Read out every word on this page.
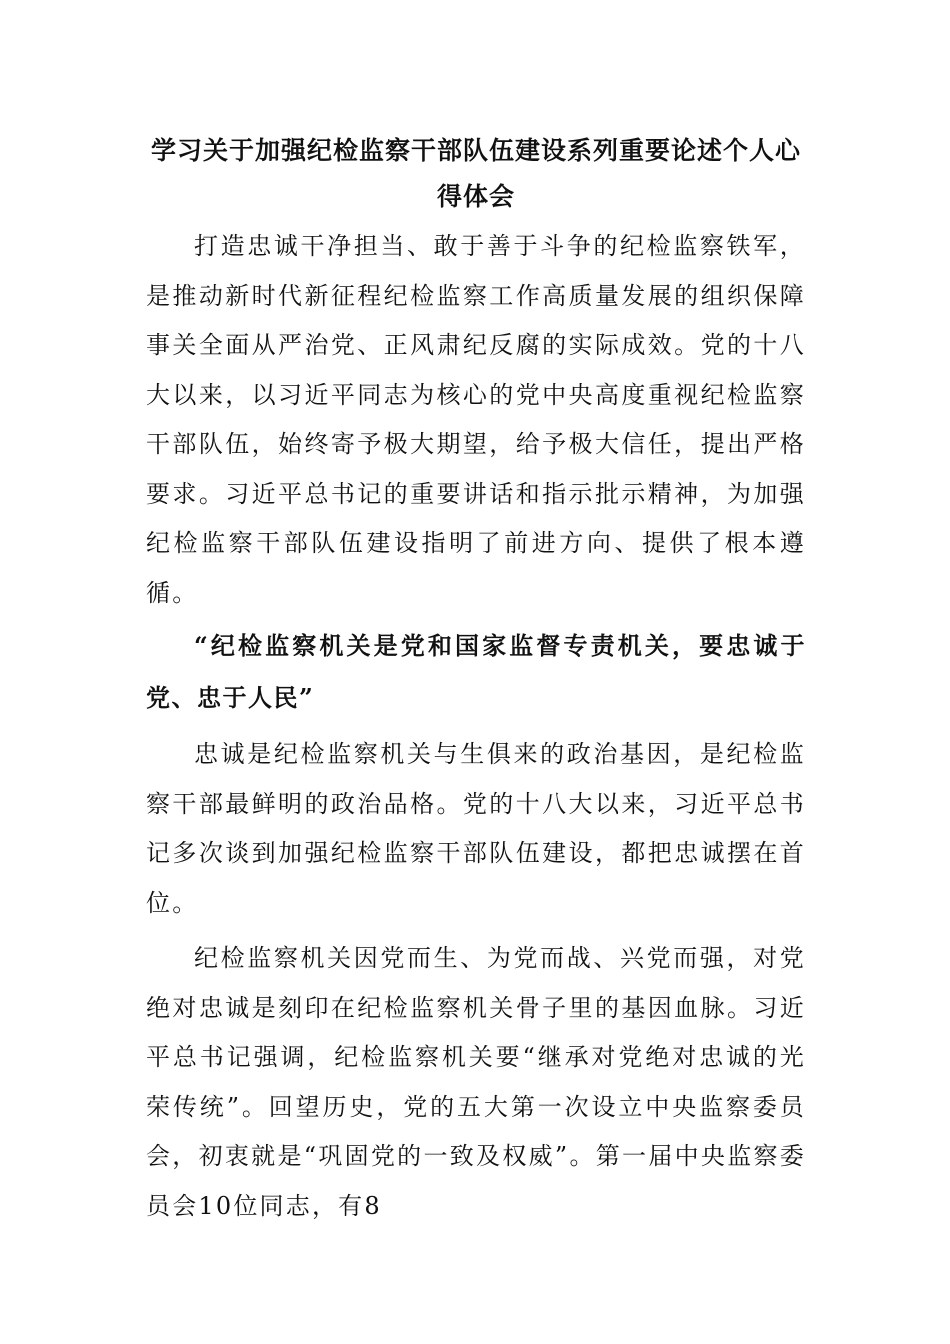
学习关于加强纪检监察干部队伍建设系列重要论述个人心得体会

打造忠诚干净担当、敢于善于斗争的纪检监察铁军，是推动新时代新征程纪检监察工作高质量发展的组织保障事关全面从严治党、正风肃纪反腐的实际成效。党的十八大以来，以习近平同志为核心的党中央高度重视纪检监察干部队伍，始终寄予极大期望，给予极大信任，提出严格要求。习近平总书记的重要讲话和指示批示精神，为加强纪检监察干部队伍建设指明了前进方向、提供了根本遵循。

“纪检监察机关是党和国家监督专责机关，要忠诚于党、忠于人民”

忠诚是纪检监察机关与生俱来的政治基因，是纪检监察干部最鲜明的政治品格。党的十八大以来，习近平总书记多次谈到加强纪检监察干部队伍建设，都把忠诚摆在首位。

纪检监察机关因党而生、为党而战、兴党而强，对党绝对忠诚是刻印在纪检监察机关骨子里的基因血脉。习近平总书记强调，纪检监察机关要“继承对党绝对忠诚的光荣传统”。回望历史，党的五大第一次设立中央监察委员会，初衷就是“巩固党的一致及权威”。第一届中央监察委员会10位同志，有8
